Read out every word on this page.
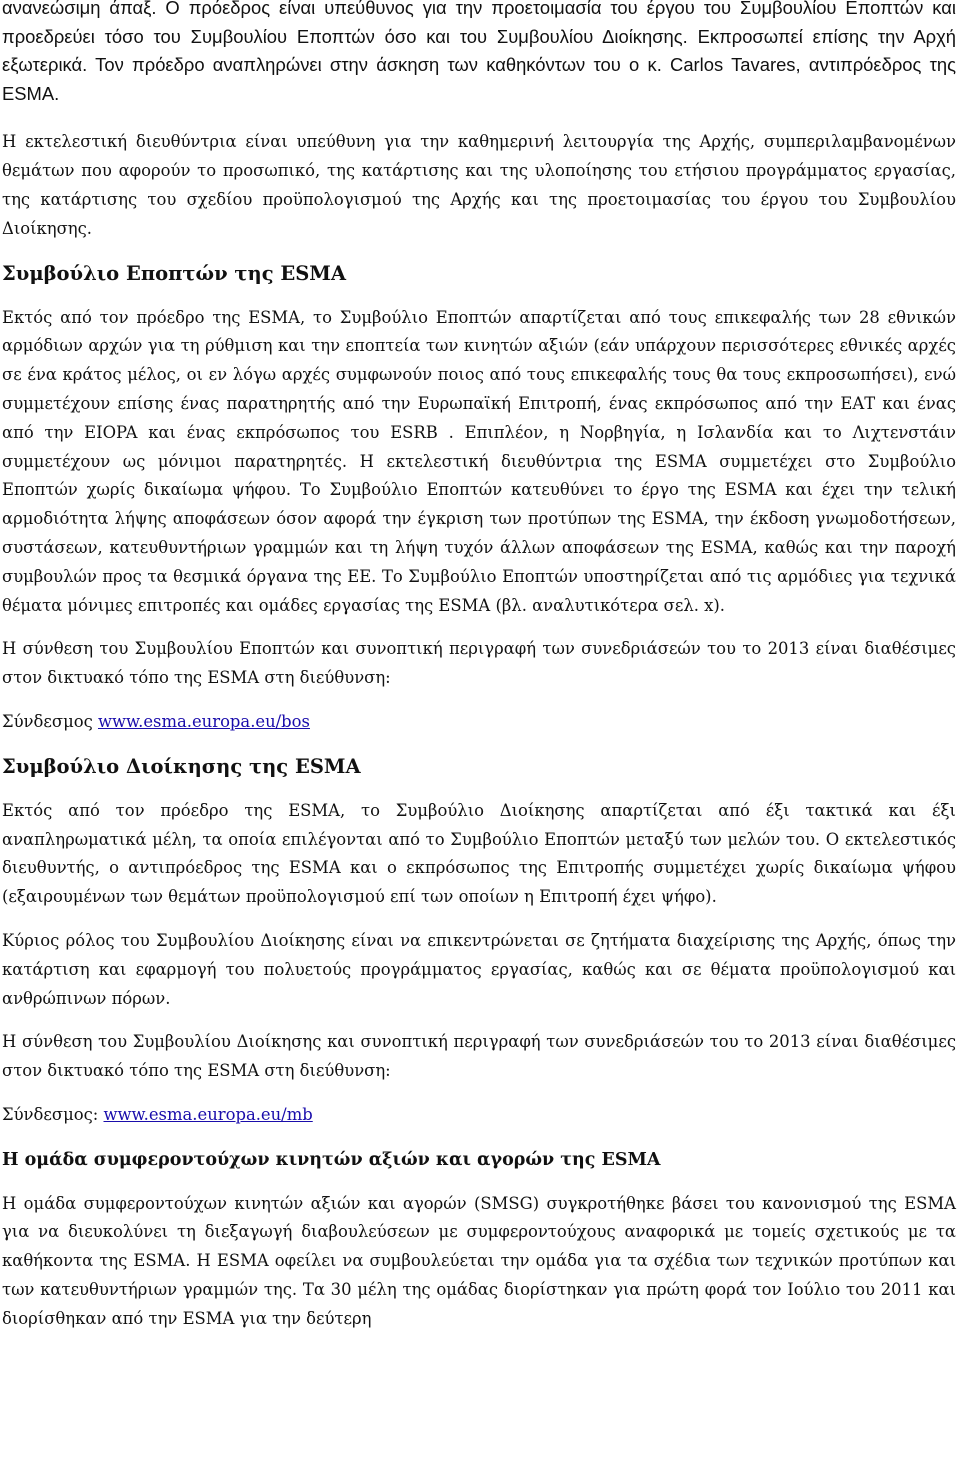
ανανεώσιμη άπαξ. Ο πρόεδρος είναι υπεύθυνος για την προετοιμασία του έργου του Συμβουλίου Εποπτών και προεδρεύει τόσο του Συμβουλίου Εποπτών όσο και του Συμβουλίου Διοίκησης. Εκπροσωπεί επίσης την Αρχή εξωτερικά. Τον πρόεδρο αναπληρώνει στην άσκηση των καθηκόντων του ο κ. Carlos Tavares, αντιπρόεδρος της ESMA.

Η εκτελεστική διευθύντρια είναι υπεύθυνη για την καθημερινή λειτουργία της Αρχής, συμπεριλαμβανομένων θεμάτων που αφορούν το προσωπικό, της κατάρτισης και της υλοποίησης του ετήσιου προγράμματος εργασίας, της κατάρτισης του σχεδίου προϋπολογισμού της Αρχής και της προετοιμασίας του έργου του Συμβουλίου Διοίκησης.

Συμβούλιο Εποπτών της ESMA

Εκτός από τον πρόεδρο της ESMA, το Συμβούλιο Εποπτών απαρτίζεται από τους επικεφαλής των 28 εθνικών αρμόδιων αρχών για τη ρύθμιση και την εποπτεία των κινητών αξιών (εάν υπάρχουν περισσότερες εθνικές αρχές σε ένα κράτος μέλος, οι εν λόγω αρχές συμφωνούν ποιος από τους επικεφαλής τους θα τους εκπροσωπήσει), ενώ συμμετέχουν επίσης ένας παρατηρητής από την Ευρωπαϊκή Επιτροπή, ένας εκπρόσωπος από την ΕΑΤ και ένας από την EIOPA και ένας εκπρόσωπος του ESRB . Επιπλέον, η Νορβηγία, η Ισλανδία και το Λιχτενστάιν συμμετέχουν ως μόνιμοι παρατηρητές. Η εκτελεστική διευθύντρια της ESMA συμμετέχει στο Συμβούλιο Εποπτών χωρίς δικαίωμα ψήφου. Το Συμβούλιο Εποπτών κατευθύνει το έργο της ESMA και έχει την τελική αρμοδιότητα λήψης αποφάσεων όσον αφορά την έγκριση των προτύπων της ESMA, την έκδοση γνωμοδοτήσεων, συστάσεων, κατευθυντήριων γραμμών και τη λήψη τυχόν άλλων αποφάσεων της ESMA, καθώς και την παροχή συμβουλών προς τα θεσμικά όργανα της ΕΕ. Το Συμβούλιο Εποπτών υποστηρίζεται από τις αρμόδιες για τεχνικά θέματα μόνιμες επιτροπές και ομάδες εργασίας της ESMA (βλ. αναλυτικότερα σελ. x).

Η σύνθεση του Συμβουλίου Εποπτών και συνοπτική περιγραφή των συνεδριάσεών του το 2013 είναι διαθέσιμες στον δικτυακό τόπο της ESMA στη διεύθυνση:

Σύνδεσμος www.esma.europa.eu/bos

Συμβούλιο Διοίκησης της ESMA

Εκτός από τον πρόεδρο της ESMA, το Συμβούλιο Διοίκησης απαρτίζεται από έξι τακτικά και έξι αναπληρωματικά μέλη, τα οποία επιλέγονται από το Συμβούλιο Εποπτών μεταξύ των μελών του. Ο εκτελεστικός διευθυντής, ο αντιπρόεδρος της ESMA και ο εκπρόσωπος της Επιτροπής συμμετέχει χωρίς δικαίωμα ψήφου (εξαιρουμένων των θεμάτων προϋπολογισμού επί των οποίων η Επιτροπή έχει ψήφο).

Κύριος ρόλος του Συμβουλίου Διοίκησης είναι να επικεντρώνεται σε ζητήματα διαχείρισης της Αρχής, όπως την κατάρτιση και εφαρμογή του πολυετούς προγράμματος εργασίας, καθώς και σε θέματα προϋπολογισμού και ανθρώπινων πόρων.

Η σύνθεση του Συμβουλίου Διοίκησης και συνοπτική περιγραφή των συνεδριάσεών του το 2013 είναι διαθέσιμες στον δικτυακό τόπο της ESMA στη διεύθυνση:

Σύνδεσμος: www.esma.europa.eu/mb

Η ομάδα συμφεροντούχων κινητών αξιών και αγορών της ESMA

Η ομάδα συμφεροντούχων κινητών αξιών και αγορών (SMSG) συγκροτήθηκε βάσει του κανονισμού της ESMA για να διευκολύνει τη διεξαγωγή διαβουλεύσεων με συμφεροντούχους αναφορικά με τομείς σχετικούς με τα καθήκοντα της ESMA. Η ESMA οφείλει να συμβουλεύεται την ομάδα για τα σχέδια των τεχνικών προτύπων και των κατευθυντήριων γραμμών της. Τα 30 μέλη της ομάδας διορίστηκαν για πρώτη φορά τον Ιούλιο του 2011 και διορίσθηκαν από την ESMA για την δεύτερη
